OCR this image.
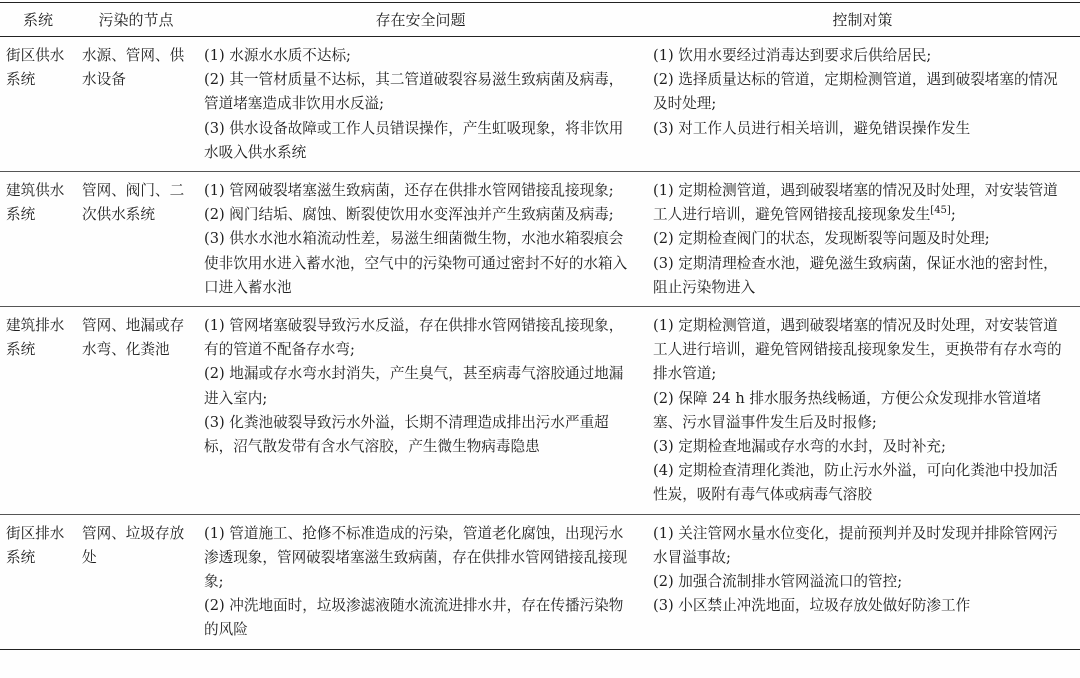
系统	污染的节点	存在安全问题	控制对策
街区供水系统	水源、管网、供水设备	(1) 水源水水质不达标;
(2) 其一管材质量不达标，其二管道破裂容易滋生致病菌及病毒，管道堵塞造成非饮用水反溢;
(3) 供水设备故障或工作人员错误操作，产生虹吸现象，将非饮用水吸入供水系统	(1) 饮用水要经过消毒达到要求后供给居民;
(2) 选择质量达标的管道，定期检测管道，遇到破裂堵塞的情况及时处理;
(3) 对工作人员进行相关培训，避免错误操作发生

建筑供水系统	管网、阀门、二次供水系统	(1) 管网破裂堵塞滋生致病菌，还存在供排水管网错接乱接现象;
(2) 阀门结垢、腐蚀、断裂使饮用水变浑浊并产生致病菌及病毒;
(3) 供水水池水箱流动性差，易滋生细菌微生物，水池水箱裂痕会使非饮用水进入蓄水池，空气中的污染物可通过密封不好的水箱入口进入蓄水池	(1) 定期检测管道，遇到破裂堵塞的情况及时处理，对安装管道工人进行培训，避免管网错接乱接现象发生[45];
(2) 定期检查阀门的状态，发现断裂等问题及时处理;
(3) 定期清理检查水池，避免滋生致病菌，保证水池的密封性，阻止污染物进入

建筑排水系统	管网、地漏或存水弯、化粪池	(1) 管网堵塞破裂导致污水反溢，存在供排水管网错接乱接现象，有的管道不配备存水弯;
(2) 地漏或存水弯水封消失，产生臭气，甚至病毒气溶胶通过地漏进入室内;
(3) 化粪池破裂导致污水外溢，长期不清理造成排出污水严重超标，沼气散发带有含水气溶胶，产生微生物病毒隐患	(1) 定期检测管道，遇到破裂堵塞的情况及时处理，对安装管道工人进行培训，避免管网错接乱接现象发生，更换带有存水弯的排水管道;
(2) 保障 24 h 排水服务热线畅通，方便公众发现排水管道堵塞、污水冒溢事件发生后及时报修;
(3) 定期检查地漏或存水弯的水封，及时补充;
(4) 定期检查清理化粪池，防止污水外溢，可向化粪池中投加活性炭，吸附有毒气体或病毒气溶胶

街区排水系统	管网、垃圾存放处	(1) 管道施工、抢修不标准造成的污染，管道老化腐蚀，出现污水渗透现象，管网破裂堵塞滋生致病菌，存在供排水管网错接乱接现象;
(2) 冲洗地面时，垃圾渗滤液随水流流进排水井，存在传播污染物的风险	(1) 关注管网水量水位变化，提前预判并及时发现并排除管网污水冒溢事故;
(2) 加强合流制排水管网溢流口的管控;
(3) 小区禁止冲洗地面，垃圾存放处做好防渗工作
